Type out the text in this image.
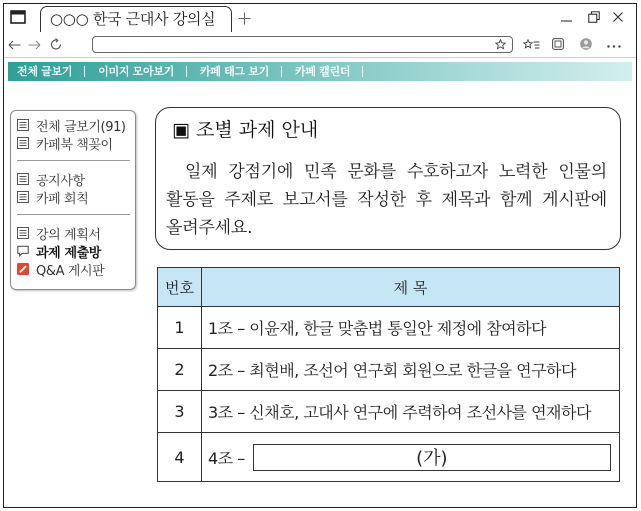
○○○ 한국 근대사 강의실
전체 글보기	이미지 모아보기	카페 태그 보기	카페 캘린더
전체 글보기(91)
카페북 책꽂이
공지사항
카페 회칙
강의 계획서
과제 제출방
Q&A 게시판
▣ 조별 과제 안내
일제 강점기에 민족 문화를 수호하고자 노력한 인물의
활동을 주제로 보고서를 작성한 후 제목과 함께 게시판에
올려주세요.
번호	제 목
1	1조 – 이윤재, 한글 맞춤법 통일안 제정에 참여하다
2	2조 – 최현배, 조선어 연구회 회원으로 한글을 연구하다
3	3조 – 신채호, 고대사 연구에 주력하여 조선사를 연재하다
4	4조 –	(가)
